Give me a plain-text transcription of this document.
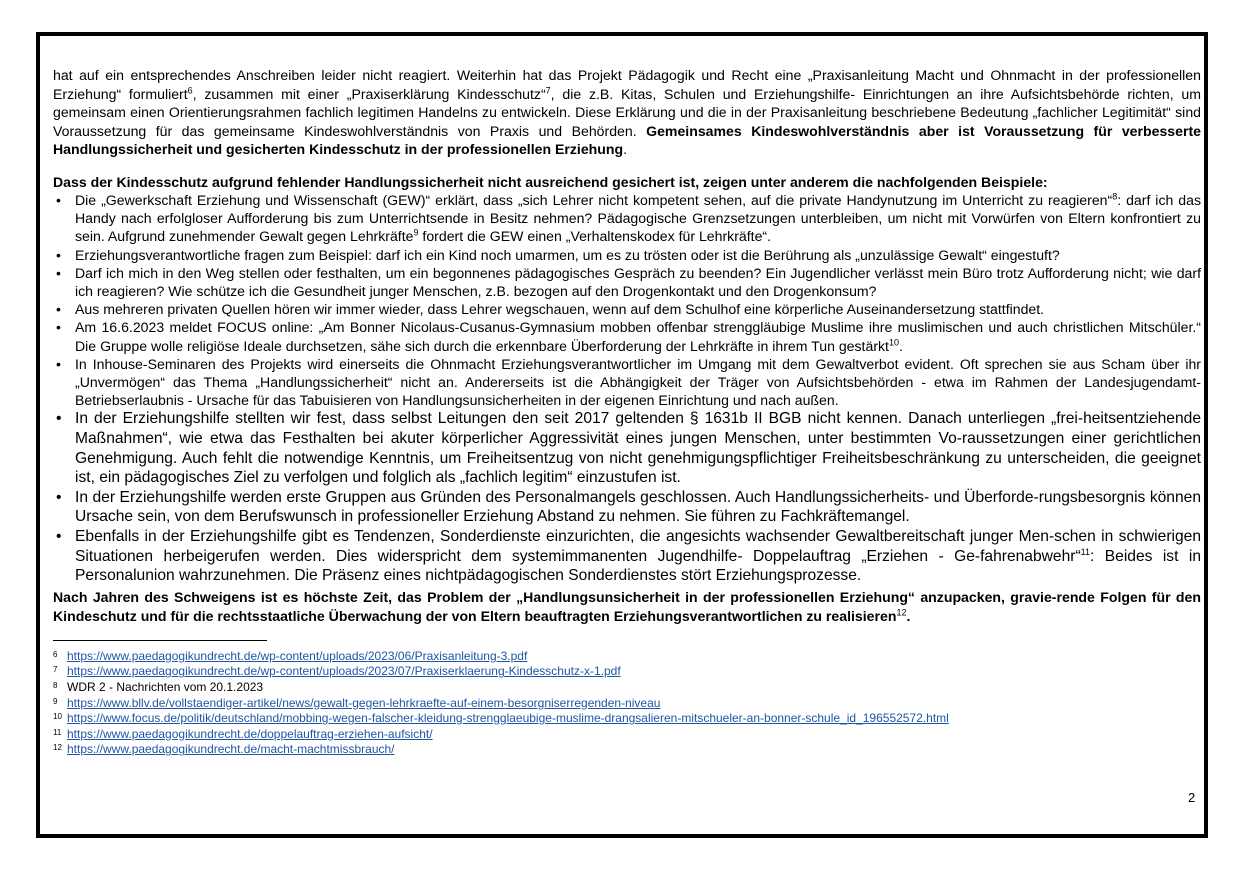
hat auf ein entsprechendes Anschreiben leider nicht reagiert. Weiterhin hat das Projekt Pädagogik und Recht eine „Praxisanleitung Macht und Ohnmacht in der professionellen Erziehung“ formuliert$^6$, zusammen mit einer „Praxiserklärung Kindesschutz“$^7$, die z.B. Kitas, Schulen und Erziehungshilfe- Einrichtungen an ihre Aufsichtsbehörde richten, um gemeinsam einen Orientierungsrahmen fachlich legitimen Handelns zu entwickeln. Diese Erklärung und die in der Praxisanleitung beschriebene Bedeutung „fachlicher Legitimität“ sind Voraussetzung für das gemeinsame Kindeswohlverständnis von Praxis und Behörden. Gemeinsames Kindeswohlverständnis aber ist Voraussetzung für verbesserte Handlungssicherheit und gesicherten Kindesschutz in der professionellen Erziehung.

Dass der Kindesschutz aufgrund fehlender Handlungssicherheit nicht ausreichend gesichert ist, zeigen unter anderem die nachfolgenden Beispiele:
• Die „Gewerkschaft Erziehung und Wissenschaft (GEW)“ erklärt, dass „sich Lehrer nicht kompetent sehen, auf die private Handynutzung im Unterricht zu reagieren“$^8$: darf ich das Handy nach erfolgloser Aufforderung bis zum Unterrichtsende in Besitz nehmen? Pädagogische Grenzsetzungen unterbleiben, um nicht mit Vorwürfen von Eltern konfrontiert zu sein. Aufgrund zunehmender Gewalt gegen Lehrkräfte$^9$ fordert die GEW einen „Verhaltenskodex für Lehrkräfte“.
• Erziehungsverantwortliche fragen zum Beispiel: darf ich ein Kind noch umarmen, um es zu trösten oder ist die Berührung als „unzulässige Gewalt“ eingestuft?
• Darf ich mich in den Weg stellen oder festhalten, um ein begonnenes pädagogisches Gespräch zu beenden? Ein Jugendlicher verlässt mein Büro trotz Aufforderung nicht; wie darf ich reagieren? Wie schütze ich die Gesundheit junger Menschen, z.B. bezogen auf den Drogenkontakt und den Drogenkonsum?
• Aus mehreren privaten Quellen hören wir immer wieder, dass Lehrer wegschauen, wenn auf dem Schulhof eine körperliche Auseinandersetzung stattfindet.
• Am 16.6.2023 meldet FOCUS online: „Am Bonner Nicolaus-Cusanus-Gymnasium mobben offenbar strenggläubige Muslime ihre muslimischen und auch christlichen Mitschüler.“ Die Gruppe wolle religiöse Ideale durchsetzen, sähe sich durch die erkennbare Überforderung der Lehrkräfte in ihrem Tun gestärkt$^{10}$.
• In Inhouse-Seminaren des Projekts wird einerseits die Ohnmacht Erziehungsverantwortlicher im Umgang mit dem Gewaltverbot evident. Oft sprechen sie aus Scham über ihr „Unvermögen“ das Thema „Handlungssicherheit“ nicht an. Andererseits ist die Abhängigkeit der Träger von Aufsichtsbehörden - etwa im Rahmen der Landesjugendamt- Betriebserlaubnis - Ursache für das Tabuisieren von Handlungsunsicherheiten in der eigenen Einrichtung und nach außen.
• In der Erziehungshilfe stellten wir fest, dass selbst Leitungen den seit 2017 geltenden § 1631b II BGB nicht kennen. Danach unterliegen „frei-heitsentziehende Maßnahmen“, wie etwa das Festhalten bei akuter körperlicher Aggressivität eines jungen Menschen, unter bestimmten Vo-raussetzungen einer gerichtlichen Genehmigung. Auch fehlt die notwendige Kenntnis, um Freiheitsentzug von nicht genehmigungspflichtiger Freiheitsbeschränkung zu unterscheiden, die geeignet ist, ein pädagogisches Ziel zu verfolgen und folglich als „fachlich legitim“ einzustufen ist.
• In der Erziehungshilfe werden erste Gruppen aus Gründen des Personalmangels geschlossen. Auch Handlungssicherheits- und Überforde-rungsbesorgnis können Ursache sein, von dem Berufswunsch in professioneller Erziehung Abstand zu nehmen. Sie führen zu Fachkräftemangel.
• Ebenfalls in der Erziehungshilfe gibt es Tendenzen, Sonderdienste einzurichten, die angesichts wachsender Gewaltbereitschaft junger Men-schen in schwierigen Situationen herbeigerufen werden. Dies widerspricht dem systemimmanenten Jugendhilfe- Doppelauftrag „Erziehen - Ge-fahrenabwehr“$^{11}$: Beides ist in Personalunion wahrzunehmen. Die Präsenz eines nichtpädagogischen Sonderdienstes stört Erziehungsprozesse.

Nach Jahren des Schweigens ist es höchste Zeit, das Problem der „Handlungsunsicherheit in der professionellen Erziehung“ anzupacken, gravie-rende Folgen für den Kindeschutz und für die rechtsstaatliche Überwachung der von Eltern beauftragten Erziehungsverantwortlichen zu realisieren$^{12}$.

$^6$ https://www.paedagogikundrecht.de/wp-content/uploads/2023/06/Praxisanleitung-3.pdf
$^7$ https://www.paedagogikundrecht.de/wp-content/uploads/2023/07/Praxiserklaerung-Kindesschutz-x-1.pdf
$^8$ WDR 2 - Nachrichten vom 20.1.2023
$^9$ https://www.bllv.de/vollstaendiger-artikel/news/gewalt-gegen-lehrkraefte-auf-einem-besorgniserregenden-niveau
$^{10}$ https://www.focus.de/politik/deutschland/mobbing-wegen-falscher-kleidung-strenggl​aeubige-muslime-drangsalieren-mitschueler-an-bonner-schule_id_196552572.html
$^{11}$ https://www.paedagogikundrecht.de/doppelauftrag-erziehen-aufsicht/
$^{12}$ https://www.paedagogikundrecht.de/macht-machtmissbrauch/
2
